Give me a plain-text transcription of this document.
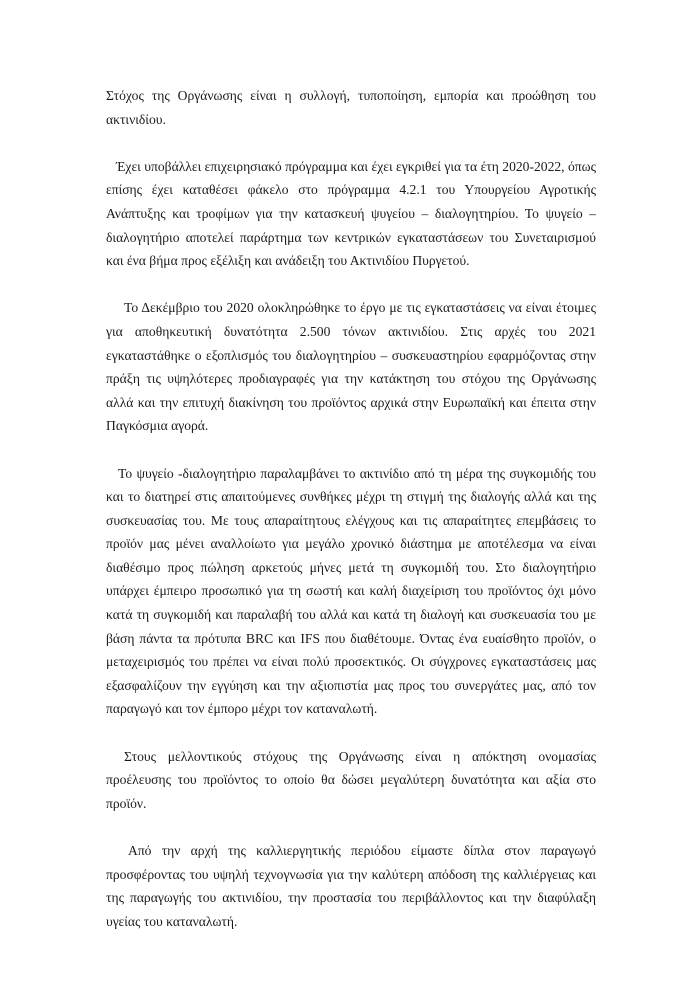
Στόχος της Οργάνωσης είναι η συλλογή, τυποποίηση, εμπορία και προώθηση του ακτινιδίου.

Έχει υποβάλλει επιχειρησιακό πρόγραμμα και έχει εγκριθεί για τα έτη 2020-2022, όπως επίσης έχει καταθέσει φάκελο στο πρόγραμμα 4.2.1 του Υπουργείου Αγροτικής Ανάπτυξης και τροφίμων για την κατασκευή ψυγείου – διαλογητηρίου. Το ψυγείο – διαλογητήριο αποτελεί παράρτημα των κεντρικών εγκαταστάσεων του Συνεταιρισμού και ένα βήμα προς εξέλιξη και ανάδειξη του Ακτινιδίου Πυργετού.

Το Δεκέμβριο του 2020 ολοκληρώθηκε το έργο με τις εγκαταστάσεις να είναι έτοιμες για αποθηκευτική δυνατότητα 2.500 τόνων ακτινιδίου. Στις αρχές του 2021 εγκαταστάθηκε ο εξοπλισμός του διαλογητηρίου – συσκευαστηρίου εφαρμόζοντας στην πράξη τις υψηλότερες προδιαγραφές για την κατάκτηση του στόχου της Οργάνωσης αλλά και την επιτυχή διακίνηση του προϊόντος αρχικά στην Ευρωπαϊκή και έπειτα στην Παγκόσμια αγορά.

Το ψυγείο -διαλογητήριο παραλαμβάνει το ακτινίδιο από τη μέρα της συγκομιδής του και το διατηρεί στις απαιτούμενες συνθήκες μέχρι τη στιγμή της διαλογής αλλά και της συσκευασίας του. Με τους απαραίτητους ελέγχους και τις απαραίτητες επεμβάσεις το προϊόν μας μένει αναλλοίωτο για μεγάλο χρονικό διάστημα με αποτέλεσμα να είναι διαθέσιμο προς πώληση αρκετούς μήνες μετά τη συγκομιδή του. Στο διαλογητήριο υπάρχει έμπειρο προσωπικό για τη σωστή και καλή διαχείριση του προϊόντος όχι μόνο κατά τη συγκομιδή και παραλαβή του αλλά και κατά τη διαλογή και συσκευασία του με βάση πάντα τα πρότυπα BRC και IFS που διαθέτουμε. Όντας ένα ευαίσθητο προϊόν, ο μεταχειρισμός του πρέπει να είναι πολύ προσεκτικός. Οι σύγχρονες εγκαταστάσεις μας εξασφαλίζουν την εγγύηση και την αξιοπιστία μας προς του συνεργάτες μας, από τον παραγωγό και τον έμπορο μέχρι τον καταναλωτή.

Στους μελλοντικούς στόχους της Οργάνωσης είναι η απόκτηση ονομασίας προέλευσης του προϊόντος το οποίο θα δώσει μεγαλύτερη δυνατότητα και αξία στο προϊόν.

Από την αρχή της καλλιεργητικής περιόδου είμαστε δίπλα στον παραγωγό προσφέροντας του υψηλή τεχνογνωσία για την καλύτερη απόδοση της καλλιέργειας και της παραγωγής του ακτινιδίου, την προστασία του περιβάλλοντος και την διαφύλαξη υγείας του καταναλωτή.
